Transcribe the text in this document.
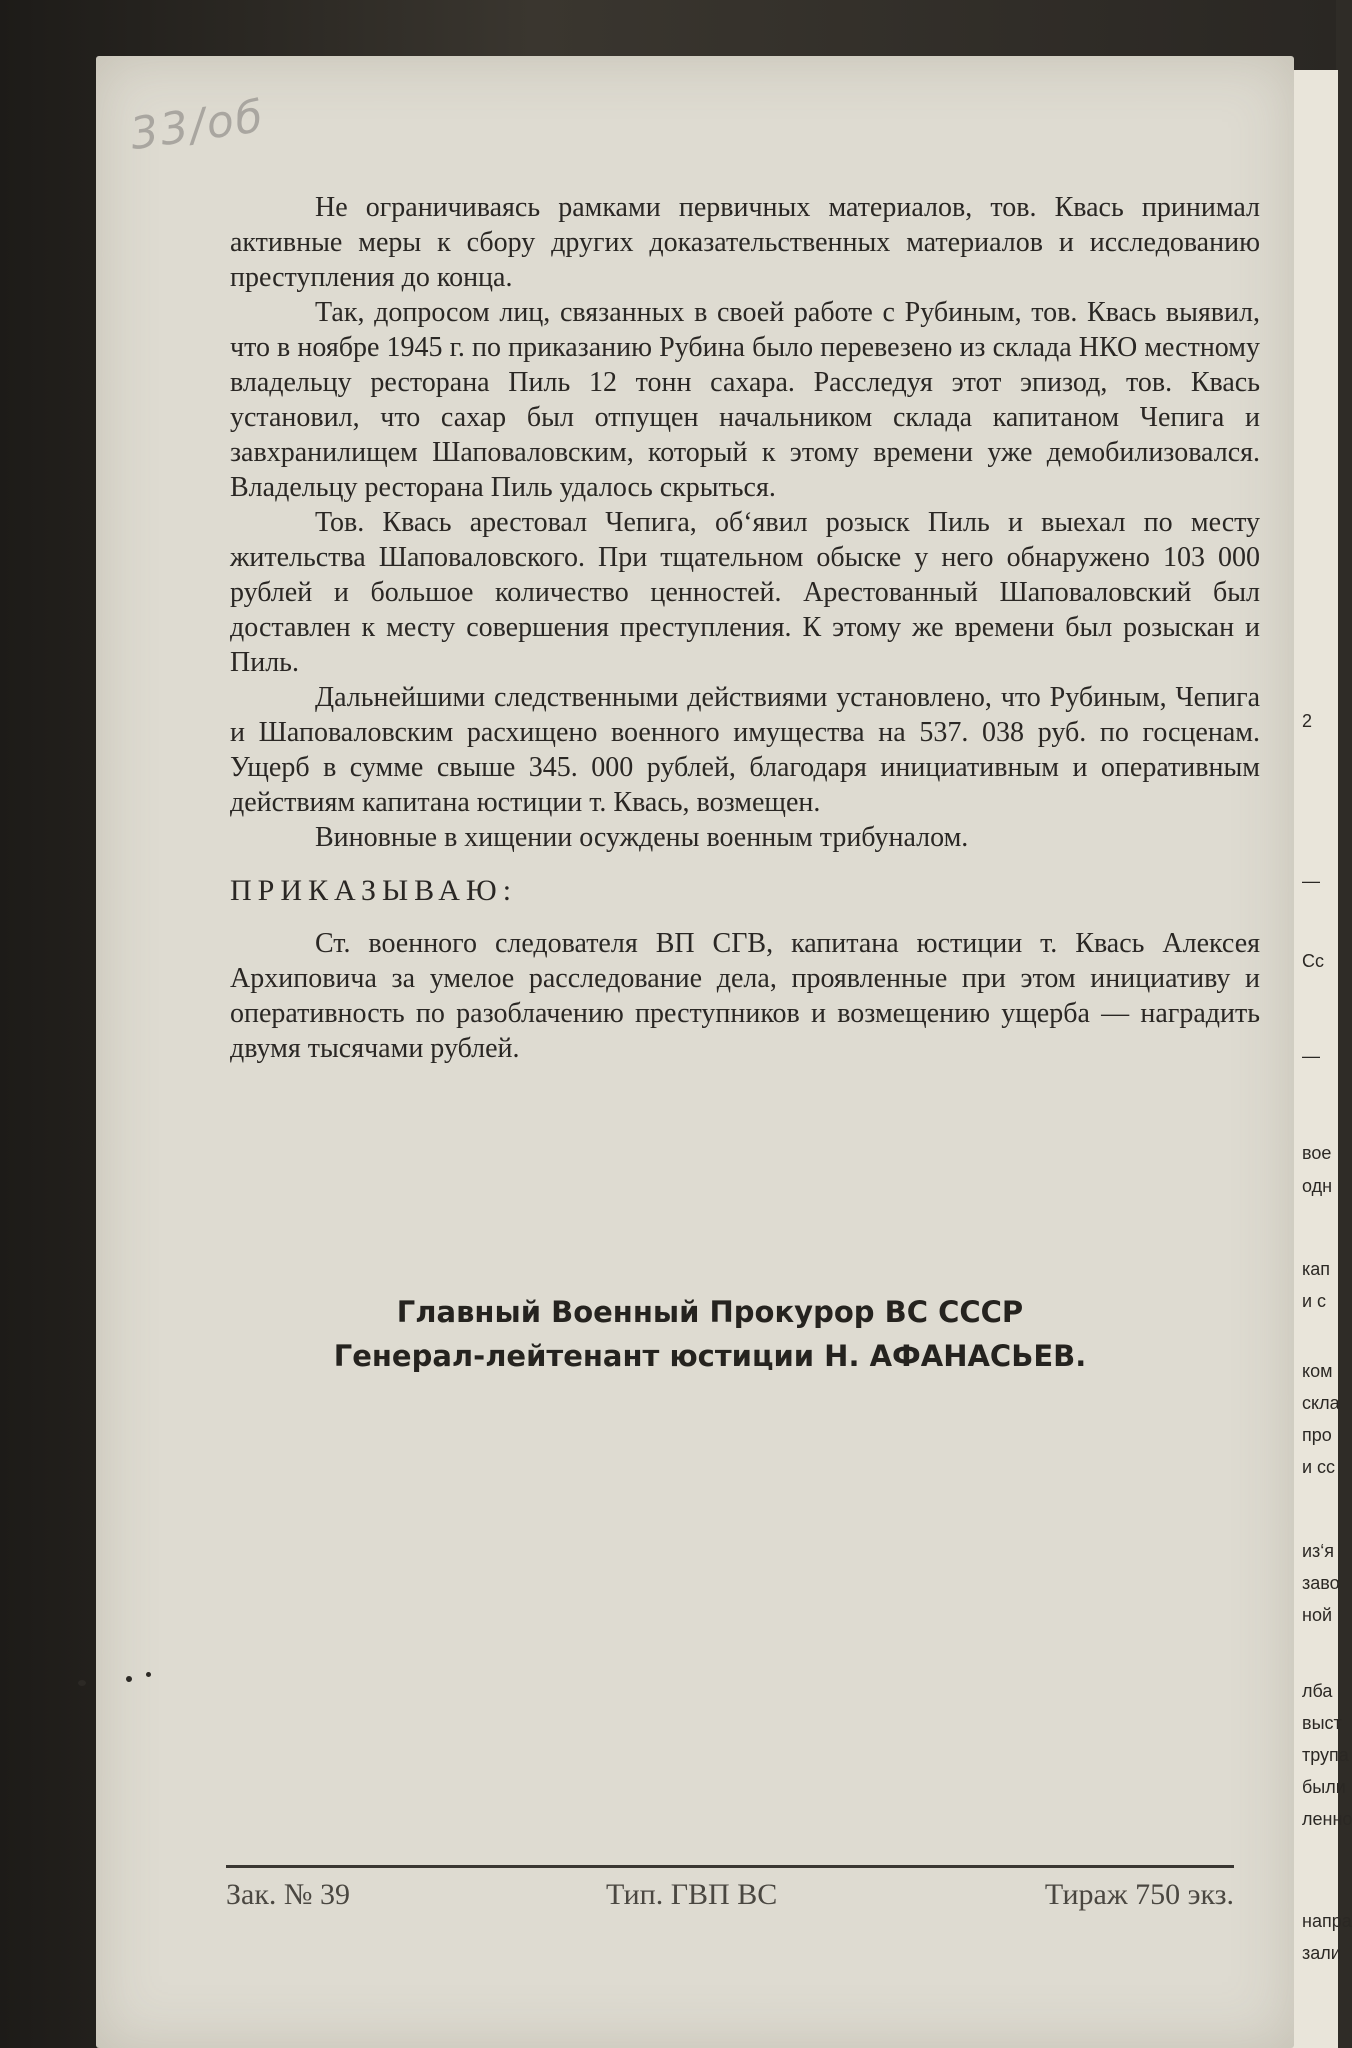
2
—
Сс
—
вое
одн
кап
и с
ком
скла
про
и сс
из‘я
заво
ной
лба
выст
трупа
были
ленно
напра
зали
33/об

Не ограничиваясь рамками первичных материалов, тов. Квась принимал активные меры к сбору других доказательственных материалов и исследованию преступления до конца.

Так, допросом лиц, связанных в своей работе с Рубиным, тов. Квась выявил, что в ноябре 1945 г. по приказанию Рубина было перевезено из склада НКО местному владельцу ресторана Пиль 12 тонн сахара. Расследуя этот эпизод, тов. Квась установил, что сахар был отпущен начальником склада капитаном Чепига и завхранилищем Шаповаловским, который к этому времени уже демобилизовался. Владельцу ресторана Пиль удалось скрыться.

Тов. Квась арестовал Чепига, об‘явил розыск Пиль и выехал по месту жительства Шаповаловского. При тщательном обыске у него обнаружено 103 000 рублей и большое количество ценностей. Арестованный Шаповаловский был доставлен к месту совершения преступления. К этому же времени был розыскан и Пиль.

Дальнейшими следственными действиями установлено, что Рубиным, Чепига и Шаповаловским расхищено военного имущества на 537. 038 руб. по госценам. Ущерб в сумме свыше 345. 000 рублей, благодаря инициативным и оперативным действиям капитана юстиции т. Квась, возмещен.

Виновные в хищении осуждены военным трибуналом.

ПРИКАЗЫВАЮ:

Ст. военного следователя ВП СГВ, капитана юстиции т. Квась Алексея Архиповича за умелое расследование дела, проявленные при этом инициативу и оперативность по разоблачению преступников и возмещению ущерба — наградить двумя тысячами рублей.

Главный Военный Прокурор ВС СССР
Генерал-лейтенант юстиции Н. АФАНАСЬЕВ.
Зак. № 39	Тип. ГВП ВС	Тираж 750 экз.
